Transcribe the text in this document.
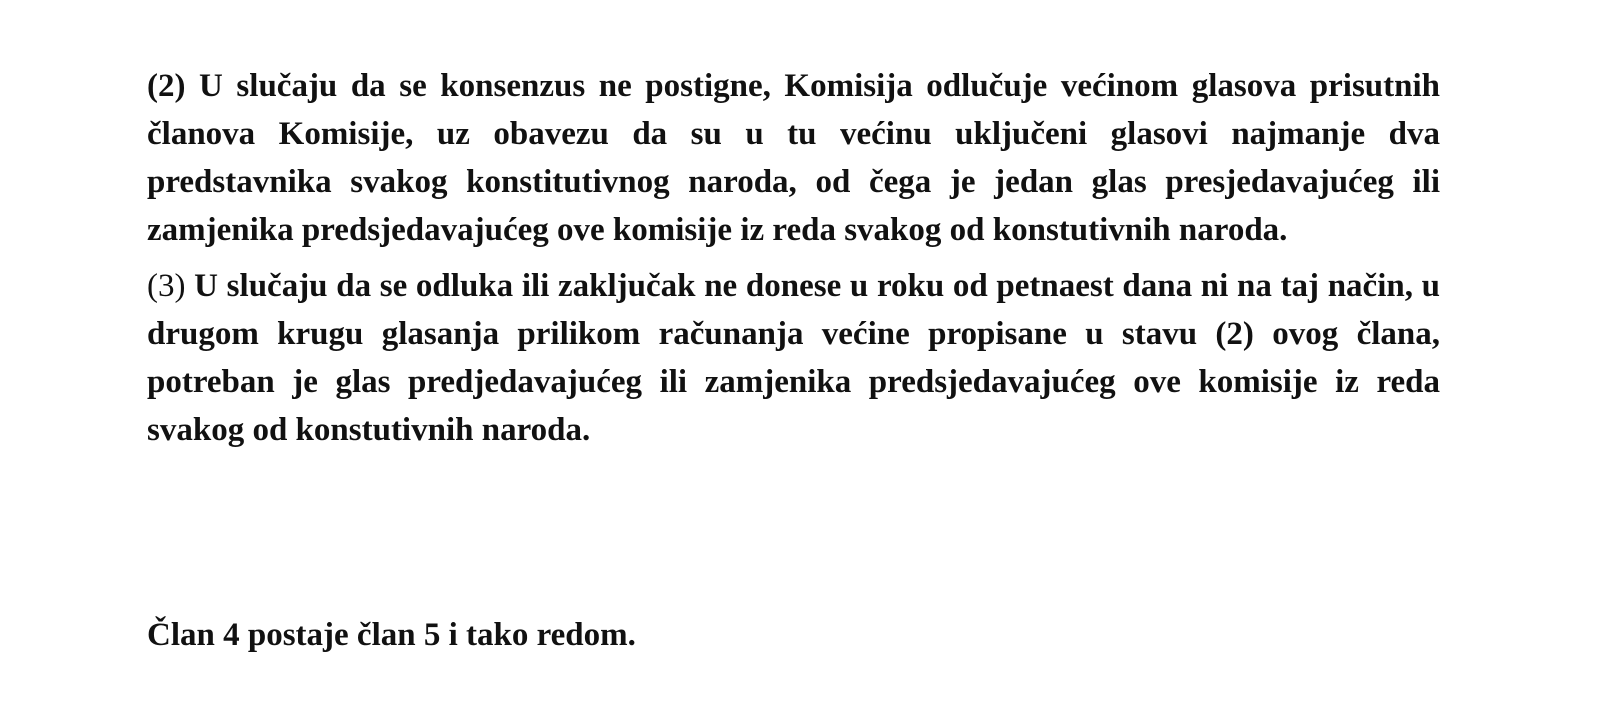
(2) U slučaju da se konsenzus ne postigne, Komisija odlučuje većinom glasova prisutnih članova Komisije, uz obavezu da su u tu većinu uključeni glasovi najmanje dva predstavnika svakog konstitutivnog naroda, od čega je jedan glas presjedavajućeg ili zamjenika predsjedavajućeg ove komisije iz reda svakog od konstutivnih naroda.

(3) U slučaju da se odluka ili zaključak ne donese u roku od petnaest dana ni na taj način, u drugom krugu glasanja prilikom računanja većine propisane u stavu (2) ovog člana, potreban je glas predjedavajućeg ili zamjenika predsjedavajućeg ove komisije iz reda svakog od konstutivnih naroda.

Član 4 postaje član 5 i tako redom.
